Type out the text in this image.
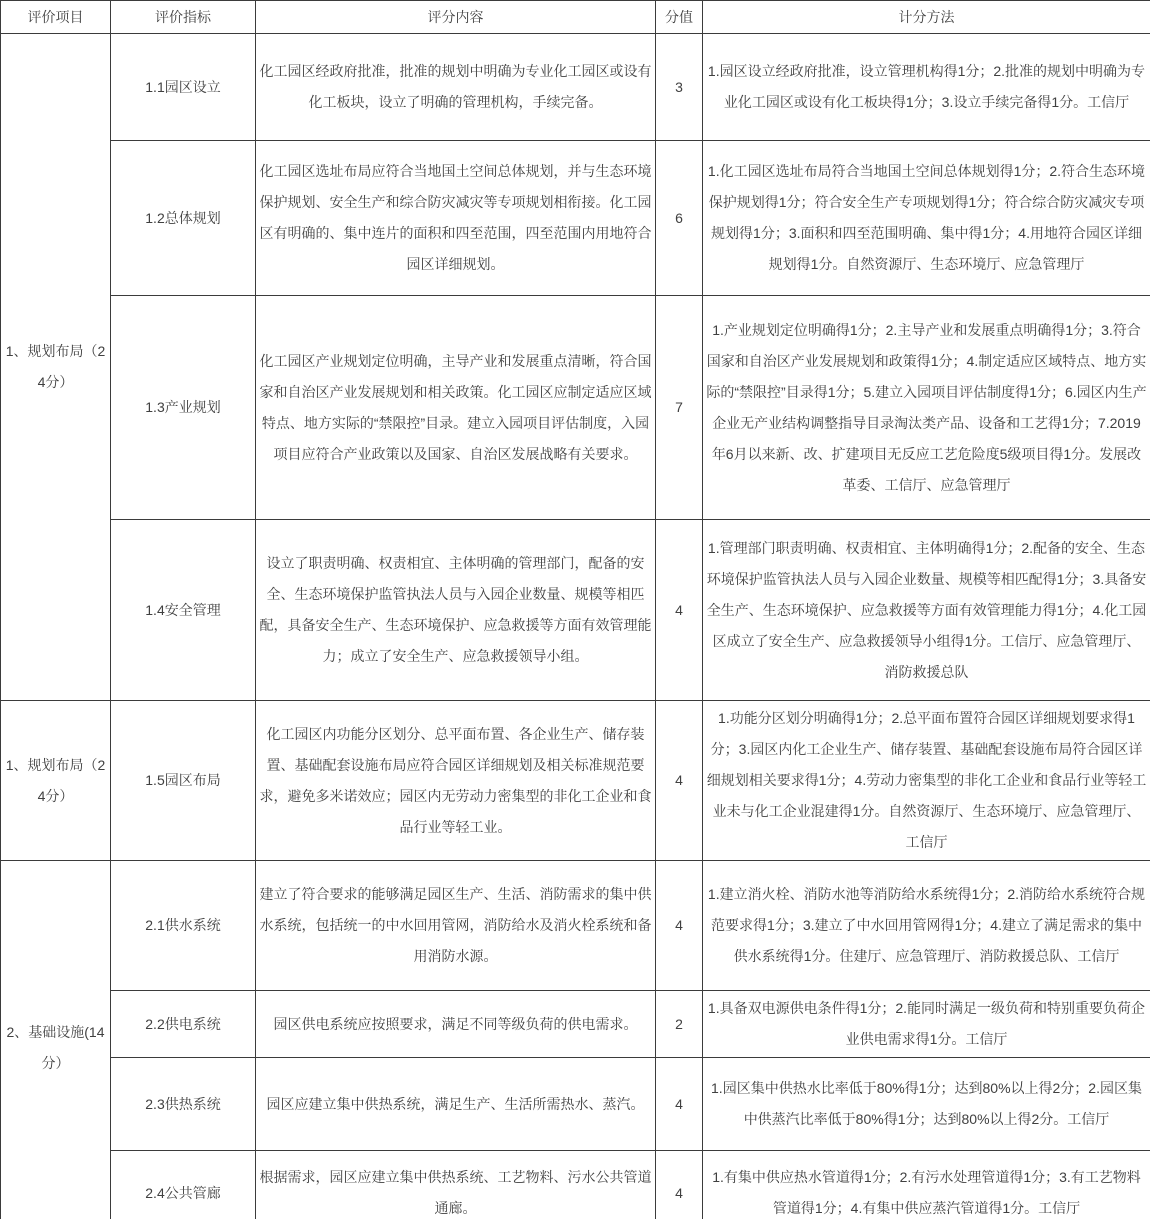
评价项目	评价指标	评分内容	分值	计分方法
1、规划布局（24分）	1.1园区设立	化工园区经政府批准，批准的规划中明确为专业化工园区或设有化工板块，设立了明确的管理机构，手续完备。	3	1.园区设立经政府批准，设立管理机构得1分；2.批准的规划中明确为专业化工园区或设有化工板块得1分；3.设立手续完备得1分。工信厅
	1.2总体规划	化工园区选址布局应符合当地国土空间总体规划，并与生态环境保护规划、安全生产和综合防灾减灾等专项规划相衔接。化工园区有明确的、集中连片的面积和四至范围，四至范围内用地符合园区详细规划。	6	1.化工园区选址布局符合当地国土空间总体规划得1分；2.符合生态环境保护规划得1分；符合安全生产专项规划得1分；符合综合防灾减灾专项规划得1分；3.面积和四至范围明确、集中得1分；4.用地符合园区详细规划得1分。自然资源厅、生态环境厅、应急管理厅
	1.3产业规划	化工园区产业规划定位明确，主导产业和发展重点清晰，符合国家和自治区产业发展规划和相关政策。化工园区应制定适应区域特点、地方实际的“禁限控”目录。建立入园项目评估制度，入园项目应符合产业政策以及国家、自治区发展战略有关要求。	7	1.产业规划定位明确得1分；2.主导产业和发展重点明确得1分；3.符合国家和自治区产业发展规划和政策得1分；4.制定适应区域特点、地方实际的“禁限控”目录得1分；5.建立入园项目评估制度得1分；6.园区内生产企业无产业结构调整指导目录淘汰类产品、设备和工艺得1分；7.2019年6月以来新、改、扩建项目无反应工艺危险度5级项目得1分。发展改革委、工信厅、应急管理厅
	1.4安全管理	设立了职责明确、权责相宜、主体明确的管理部门，配备的安全、生态环境保护监管执法人员与入园企业数量、规模等相匹配，具备安全生产、生态环境保护、应急救援等方面有效管理能力；成立了安全生产、应急救援领导小组。	4	1.管理部门职责明确、权责相宜、主体明确得1分；2.配备的安全、生态环境保护监管执法人员与入园企业数量、规模等相匹配得1分；3.具备安全生产、生态环境保护、应急救援等方面有效管理能力得1分；4.化工园区成立了安全生产、应急救援领导小组得1分。工信厅、应急管理厅、消防救援总队
1、规划布局（24分）	1.5园区布局	化工园区内功能分区划分、总平面布置、各企业生产、储存装置、基础配套设施布局应符合园区详细规划及相关标准规范要求，避免多米诺效应；园区内无劳动力密集型的非化工企业和食品行业等轻工业。	4	1.功能分区划分明确得1分；2.总平面布置符合园区详细规划要求得1分；3.园区内化工企业生产、储存装置、基础配套设施布局符合园区详细规划相关要求得1分；4.劳动力密集型的非化工企业和食品行业等轻工业未与化工企业混建得1分。自然资源厅、生态环境厅、应急管理厅、工信厅
2、基础设施(14分）	2.1供水系统	建立了符合要求的能够满足园区生产、生活、消防需求的集中供水系统，包括统一的中水回用管网，消防给水及消火栓系统和备用消防水源。	4	1.建立消火栓、消防水池等消防给水系统得1分；2.消防给水系统符合规范要求得1分；3.建立了中水回用管网得1分；4.建立了满足需求的集中供水系统得1分。住建厅、应急管理厅、消防救援总队、工信厅
	2.2供电系统	园区供电系统应按照要求，满足不同等级负荷的供电需求。	2	1.具备双电源供电条件得1分；2.能同时满足一级负荷和特别重要负荷企业供电需求得1分。工信厅
	2.3供热系统	园区应建立集中供热系统，满足生产、生活所需热水、蒸汽。	4	1.园区集中供热水比率低于80%得1分；达到80%以上得2分；2.园区集中供蒸汽比率低于80%得1分；达到80%以上得2分。工信厅
	2.4公共管廊	根据需求，园区应建立集中供热系统、工艺物料、污水公共管道通廊。	4	1.有集中供应热水管道得1分；2.有污水处理管道得1分；3.有工艺物料管道得1分；4.有集中供应蒸汽管道得1分。工信厅
